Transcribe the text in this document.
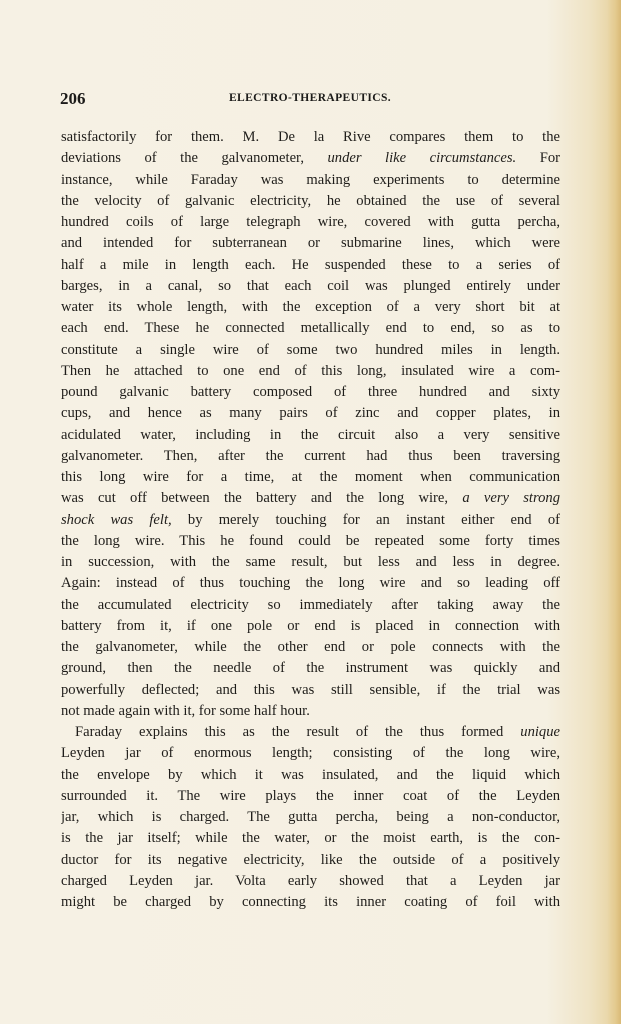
206	ELECTRO-THERAPEUTICS.
satisfactorily for them. M. De la Rive compares them to the
deviations of the galvanometer, under like circumstances. For
instance, while Faraday was making experiments to determine
the velocity of galvanic electricity, he obtained the use of several
hundred coils of large telegraph wire, covered with gutta percha,
and intended for subterranean or submarine lines, which were
half a mile in length each. He suspended these to a series of
barges, in a canal, so that each coil was plunged entirely under
water its whole length, with the exception of a very short bit at
each end. These he connected metallically end to end, so as to
constitute a single wire of some two hundred miles in length.
Then he attached to one end of this long, insulated wire a com-
pound galvanic battery composed of three hundred and sixty
cups, and hence as many pairs of zinc and copper plates, in
acidulated water, including in the circuit also a very sensitive
galvanometer. Then, after the current had thus been traversing
this long wire for a time, at the moment when communication
was cut off between the battery and the long wire, a very strong
shock was felt, by merely touching for an instant either end of
the long wire. This he found could be repeated some forty times
in succession, with the same result, but less and less in degree.
Again: instead of thus touching the long wire and so leading off
the accumulated electricity so immediately after taking away the
battery from it, if one pole or end is placed in connection with
the galvanometer, while the other end or pole connects with the
ground, then the needle of the instrument was quickly and
powerfully deflected; and this was still sensible, if the trial was
not made again with it, for some half hour.
Faraday explains this as the result of the thus formed unique
Leyden jar of enormous length; consisting of the long wire,
the envelope by which it was insulated, and the liquid which
surrounded it. The wire plays the inner coat of the Leyden
jar, which is charged. The gutta percha, being a non-conductor,
is the jar itself; while the water, or the moist earth, is the con-
ductor for its negative electricity, like the outside of a positively
charged Leyden jar. Volta early showed that a Leyden jar
might be charged by connecting its inner coating of foil with
